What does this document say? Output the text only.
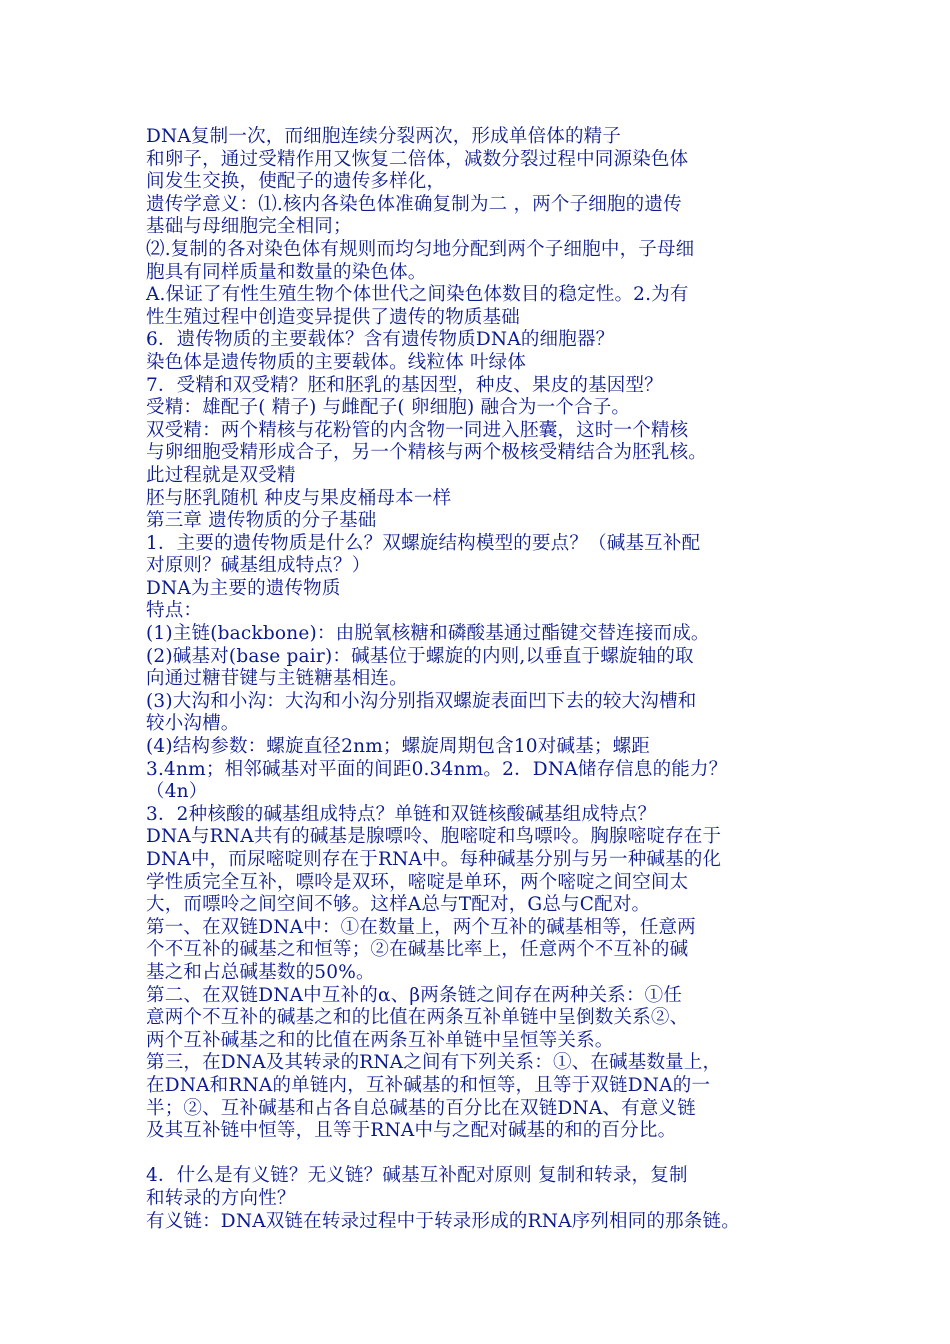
DNA复制一次，而细胞连续分裂两次，形成单倍体的精子
和卵子，通过受精作用又恢复二倍体，减数分裂过程中同源染色体
间发生交换，使配子的遗传多样化，
遗传学意义：⑴.核内各染色体准确复制为二 ，两个子细胞的遗传
基础与母细胞完全相同；
⑵.复制的各对染色体有规则而均匀地分配到两个子细胞中，子母细
胞具有同样质量和数量的染色体。
A.保证了有性生殖生物个体世代之间染色体数目的稳定性。2.为有
性生殖过程中创造变异提供了遗传的物质基础
6．遗传物质的主要载体？含有遗传物质DNA的细胞器？
染色体是遗传物质的主要载体。线粒体 叶绿体
7．受精和双受精？胚和胚乳的基因型，种皮、果皮的基因型？
受精：雄配子( 精子) 与雌配子( 卵细胞) 融合为一个合子。
双受精：两个精核与花粉管的内含物一同进入胚囊，这时一个精核
与卵细胞受精形成合子，另一个精核与两个极核受精结合为胚乳核。
此过程就是双受精
胚与胚乳随机 种皮与果皮桶母本一样
第三章 遗传物质的分子基础
1．主要的遗传物质是什么？双螺旋结构模型的要点？（碱基互补配
对原则？碱基组成特点？）
DNA为主要的遗传物质
特点：
(1)主链(backbone)：由脱氧核糖和磷酸基通过酯键交替连接而成。
(2)碱基对(base pair)：碱基位于螺旋的内则,以垂直于螺旋轴的取
向通过糖苷键与主链糖基相连。
(3)大沟和小沟：大沟和小沟分别指双螺旋表面凹下去的较大沟槽和
较小沟槽。
(4)结构参数：螺旋直径2nm；螺旋周期包含10对碱基；螺距
3.4nm；相邻碱基对平面的间距0.34nm。2．DNA储存信息的能力？
（4n）
3．2种核酸的碱基组成特点？单链和双链核酸碱基组成特点？
DNA与RNA共有的碱基是腺嘌呤、胞嘧啶和鸟嘌呤。胸腺嘧啶存在于
DNA中，而尿嘧啶则存在于RNA中。每种碱基分别与另一种碱基的化
学性质完全互补，嘌呤是双环，嘧啶是单环，两个嘧啶之间空间太
大，而嘌呤之间空间不够。这样A总与T配对，G总与C配对。
第一、在双链DNA中：①在数量上，两个互补的碱基相等，任意两
个不互补的碱基之和恒等；②在碱基比率上，任意两个不互补的碱
基之和占总碱基数的50%。
第二、在双链DNA中互补的α、β两条链之间存在两种关系：①任
意两个不互补的碱基之和的比值在两条互补单链中呈倒数关系②、
两个互补碱基之和的比值在两条互补单链中呈恒等关系。
第三，在DNA及其转录的RNA之间有下列关系：①、在碱基数量上，
在DNA和RNA的单链内，互补碱基的和恒等，且等于双链DNA的一
半；②、互补碱基和占各自总碱基的百分比在双链DNA、有意义链
及其互补链中恒等，且等于RNA中与之配对碱基的和的百分比。
4．什么是有义链？无义链？碱基互补配对原则 复制和转录，复制
和转录的方向性？
有义链：DNA双链在转录过程中于转录形成的RNA序列相同的那条链。
